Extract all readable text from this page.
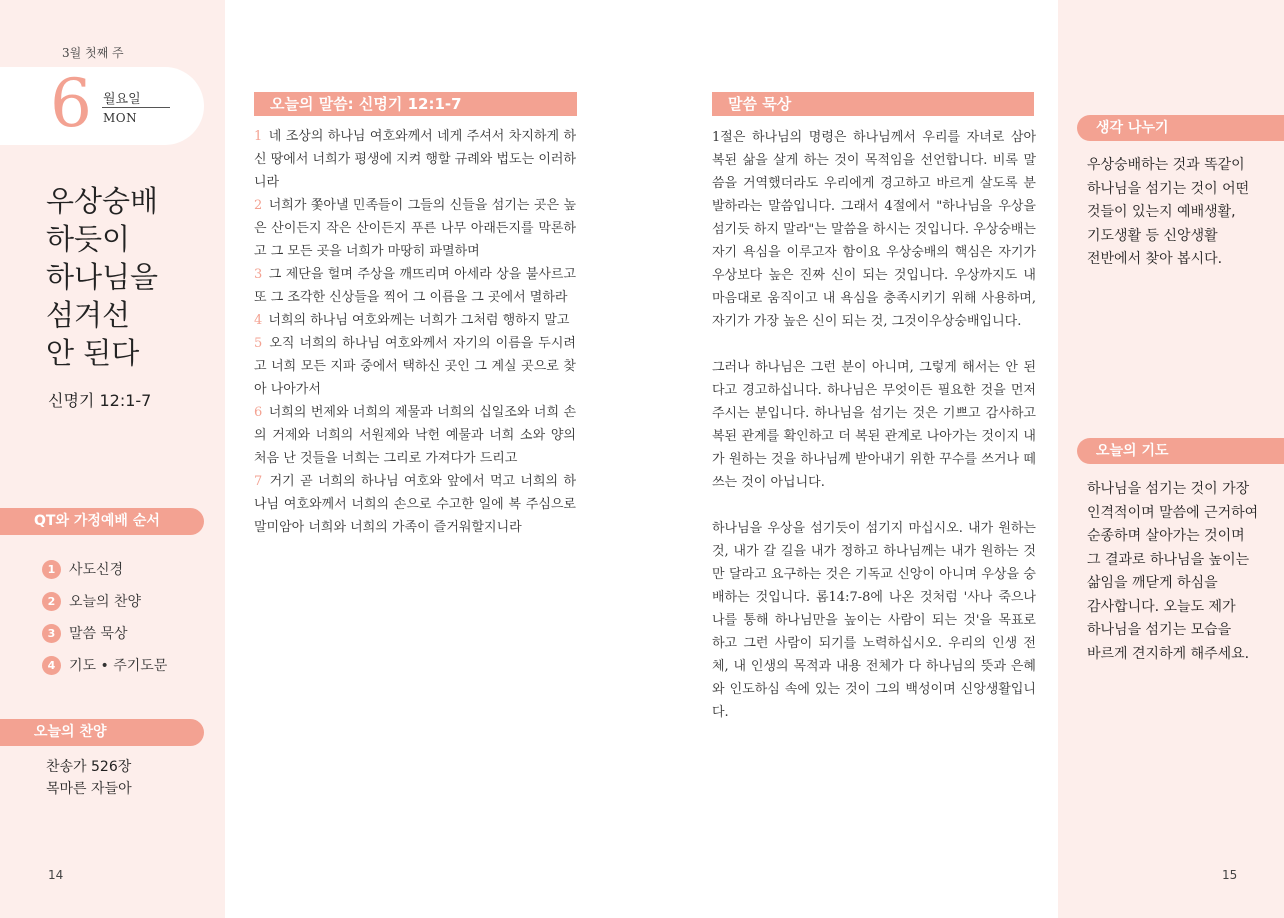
3월 첫째 주
6 월요일
MON
우상숭배
하듯이
하나님을
섬겨선
안 된다
신명기 12:1-7
QT와 가정예배 순서
1 사도신경
2 오늘의 찬양
3 말씀 묵상
4 기도 • 주기도문
오늘의 찬양
찬송가 526장
목마른 자들아
14
오늘의 말씀: 신명기 12:1-7
1 네 조상의 하나님 여호와께서 네게 주셔서 차지하게 하신 땅에서 너희가 평생에 지켜 행할 규례와 법도는 이러하니라
2 너희가 쫓아낼 민족들이 그들의 신들을 섬기는 곳은 높은 산이든지 작은 산이든지 푸른 나무 아래든지를 막론하고 그 모든 곳을 너희가 마땅히 파멸하며
3 그 제단을 헐며 주상을 깨뜨리며 아세라 상을 불사르고 또 그 조각한 신상들을 찍어 그 이름을 그 곳에서 멸하라
4 너희의 하나님 여호와께는 너희가 그처럼 행하지 말고
5 오직 너희의 하나님 여호와께서 자기의 이름을 두시려고 너희 모든 지파 중에서 택하신 곳인 그 계실 곳으로 찾아 나아가서
6 너희의 번제와 너희의 제물과 너희의 십일조와 너희 손의 거제와 너희의 서원제와 낙헌 예물과 너희 소와 양의 처음 난 것들을 너희는 그리로 가져다가 드리고
7 거기 곧 너희의 하나님 여호와 앞에서 먹고 너희의 하나님 여호와께서 너희의 손으로 수고한 일에 복 주심으로 말미암아 너희와 너희의 가족이 즐거워할지니라
말씀 묵상

1절은 하나님의 명령은 하나님께서 우리를 자녀로 삼아 복된 삶을 살게 하는 것이 목적임을 선언합니다. 비록 말씀을 거역했더라도 우리에게 경고하고 바르게 살도록 분발하라는 말씀입니다. 그래서 4절에서 "하나님을 우상을 섬기듯 하지 말라"는 말씀을 하시는 것입니다. 우상숭배는 자기 욕심을 이루고자 함이요 우상숭배의 핵심은 자기가 우상보다 높은 진짜 신이 되는 것입니다. 우상까지도 내 마음대로 움직이고 내 욕심을 충족시키기 위해 사용하며, 자기가 가장 높은 신이 되는 것, 그것이우상숭배입니다.

그러나 하나님은 그런 분이 아니며, 그렇게 해서는 안 된다고 경고하십니다. 하나님은 무엇이든 필요한 것을 먼저 주시는 분입니다. 하나님을 섬기는 것은 기쁘고 감사하고 복된 관계를 확인하고 더 복된 관계로 나아가는 것이지 내가 원하는 것을 하나님께 받아내기 위한 꾸수를 쓰거나 떼쓰는 것이 아닙니다.

하나님을 우상을 섬기듯이 섬기지 마십시오. 내가 원하는 것, 내가 갈 길을 내가 정하고 하나님께는 내가 원하는 것만 달라고 요구하는 것은 기독교 신앙이 아니며 우상을 숭배하는 것입니다. 롬14:7-8에 나온 것처럼 '사나 죽으나 나를 통해 하나님만을 높이는 사람이 되는 것'을 목표로 하고 그런 사람이 되기를 노력하십시오. 우리의 인생 전체, 내 인생의 목적과 내용 전체가 다 하나님의 뜻과 은혜와 인도하심 속에 있는 것이 그의 백성이며 신앙생활입니다.

생각 나누기
우상숭배하는 것과 똑같이
하나님을 섬기는 것이 어떤
것들이 있는지 예배생활,
기도생활 등 신앙생활
전반에서 찾아 봅시다.
오늘의 기도
하나님을 섬기는 것이 가장
인격적이며 말씀에 근거하여
순종하며 살아가는 것이며
그 결과로 하나님을 높이는
삶임을 깨닫게 하심을
감사합니다. 오늘도 제가
하나님을 섬기는 모습을
바르게 견지하게 해주세요.
15
